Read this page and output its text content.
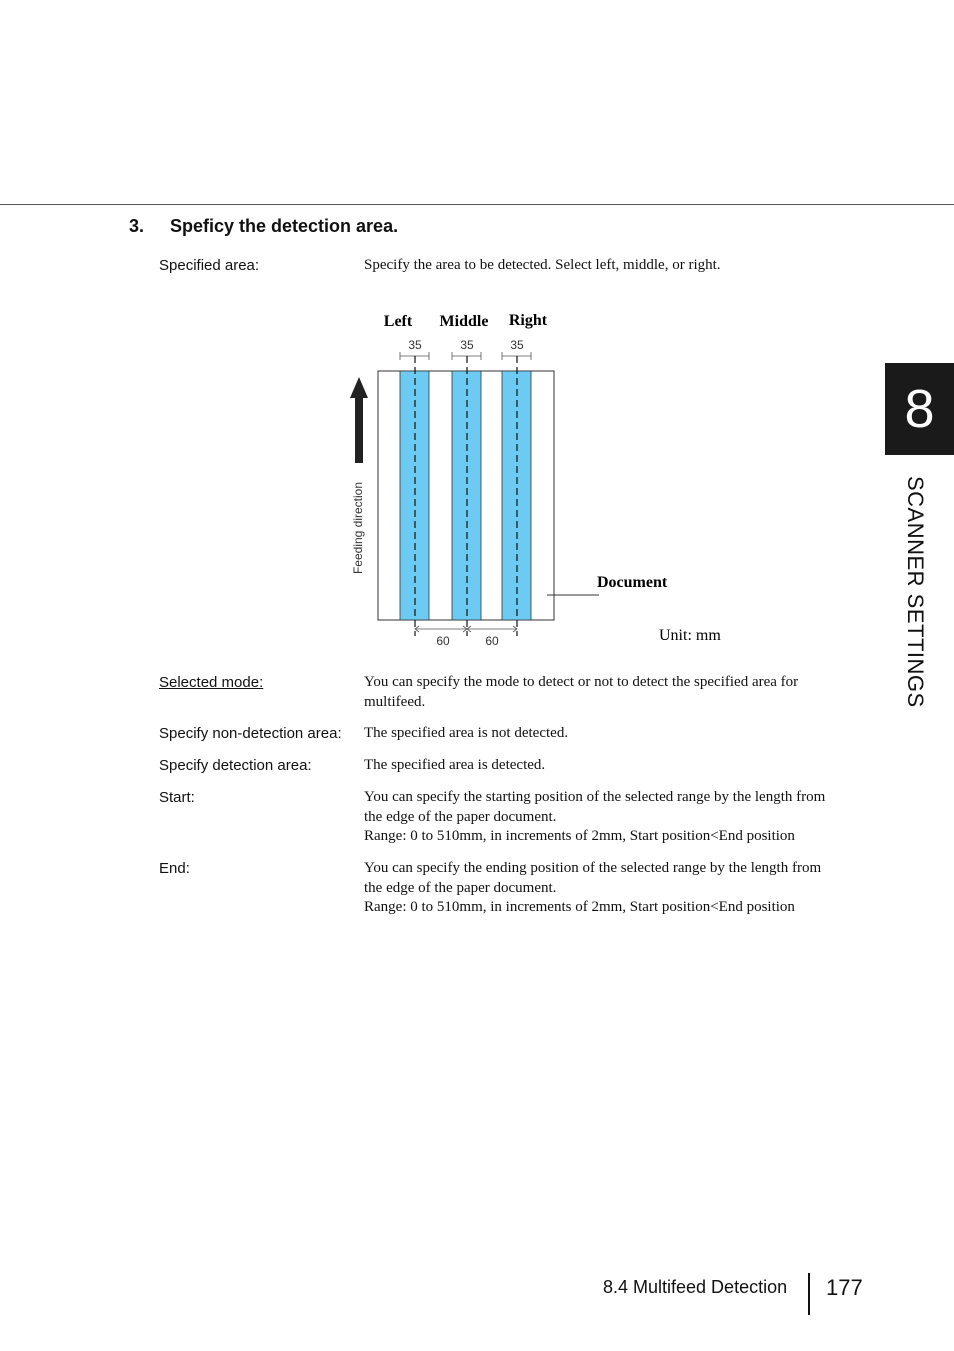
3. Speficy the detection area.
Specified area:	Specify the area to be detected. Select left, middle, or right.

Left Middle Right
35	35	35
60	60
Feeding direction
Document
Unit: mm
Selected mode:	You can specify the mode to detect or not to detect the specified area for multifeed.

Specify non-detection area: The specified area is not detected.

Specify detection area:	The specified area is detected.

Start:	You can specify the starting position of the selected range by the length from the edge of the paper document.

Range: 0 to 510mm, in increments of 2mm, Start position<End position

End:	You can specify the ending position of the selected range by the length from the edge of the paper document.

Range: 0 to 510mm, in increments of 2mm, Start position<End position

8
SCANNER SETTINGS
8.4 Multifeed Detection 177
